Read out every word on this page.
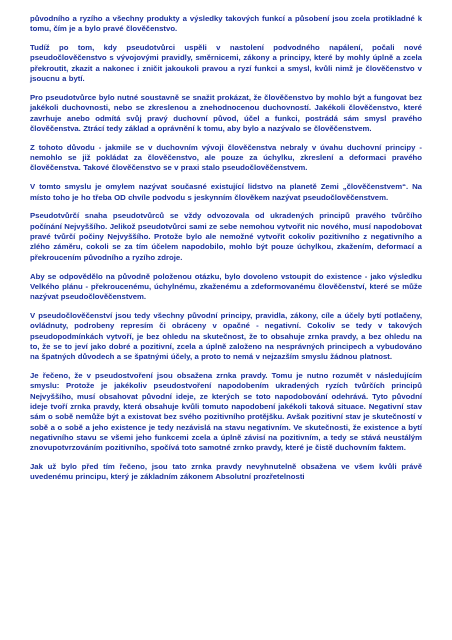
původního a ryzího a všechny produkty a výsledky takových funkcí a působení jsou zcela protikladné k tomu, čím je a bylo pravé člověčenstvo.

Tudíž po tom, kdy pseudotvůrci uspěli v nastolení podvodného napálení, počali nové pseudočlověčenstvo s vývojovými pravidly, směrnicemi, zákony a principy, které by mohly úplně a zcela překroutit, zkazit a nakonec i zničit jakoukoli pravou a ryzí funkci a smysl, kvůli nimž je člověčenstvo v jsoucnu a bytí.

Pro pseudotvůrce bylo nutné soustavně se snažit prokázat, že člověčenstvo by mohlo být a fungovat bez jakékoli duchovnosti, nebo se zkreslenou a znehodnocenou duchovností. Jakékoli člověčenstvo, které zavrhuje anebo odmítá svůj pravý duchovní původ, účel a funkci, postrádá sám smysl pravého člověčenstva. Ztrácí tedy základ a oprávnění k tomu, aby bylo a nazývalo se člověčenstvem.

Z tohoto důvodu - jakmile se v duchovním vývoji člověčenstva nebraly v úvahu duchovní principy - nemohlo se již pokládat za člověčenstvo, ale pouze za úchylku, zkreslení a deformaci pravého člověčenstva. Takové člověčenstvo se v praxi stalo pseudočlověčenstvem.

V tomto smyslu je omylem nazývat současné existující lidstvo na planetě Zemi „člověčenstvem“. Na místo toho je ho třeba OD chvíle podvodu s jeskynním člověkem nazývat pseudočlověčenstvem.

Pseudotvůrčí snaha pseudotvůrců se vždy odvozovala od ukradených principů pravého tvůrčího počínání Nejvyššího. Jelikož pseudotvůrci sami ze sebe nemohou vytvořit nic nového, musí napodobovat pravé tvůrčí počiny Nejvyššího. Protože bylo ale nemožné vytvořit cokoliv pozitivního z negativního a zlého záměru, cokoli se za tím účelem napodobilo, mohlo být pouze úchylkou, zkažením, deformací a překroucením původního a ryzího zdroje.

Aby se odpovědělo na původně položenou otázku, bylo dovoleno vstoupit do existence - jako výsledku Velkého plánu - překroucenému, úchylnému, zkaženému a zdeformovanému člověčenství, které se může nazývat pseudočlověčenstvem.

V pseudočlověčenství jsou tedy všechny původní principy, pravidla, zákony, cíle a účely bytí potlačeny, ovládnuty, podrobeny represím či obráceny v opačné - negativní. Cokoliv se tedy v takových pseudopodmínkách vytvoří, je bez ohledu na skutečnost, že to obsahuje zrnka pravdy, a bez ohledu na to, že se to jeví jako dobré a pozitivní, zcela a úplně založeno na nesprávných principech a vybudováno na špatných důvodech a se špatnými účely, a proto to nemá v nejzazším smyslu žádnou platnost.

Je řečeno, že v pseudostvoření jsou obsažena zrnka pravdy. Tomu je nutno rozumět v následujícím smyslu: Protože je jakékoliv pseudostvoření napodobením ukradených ryzích tvůrčích principů Nejvyššího, musí obsahovat původní ideje, ze kterých se toto napodobování odehrává. Tyto původní ideje tvoří zrnka pravdy, která obsahuje kvůli tomuto napodobení jakékoli taková situace. Negativní stav sám o sobě nemůže být a existovat bez svého pozitivního protějšku. Avšak pozitivní stav je skutečností v sobě a o sobě a jeho existence je tedy nezávislá na stavu negativním. Ve skutečnosti, že existence a bytí negativního stavu se všemi jeho funkcemi zcela a úplně závisí na pozitivním, a tedy se stává neustálým znovupotvrzováním pozitivního, spočívá toto samotné zrnko pravdy, které je čistě duchovním faktem.

Jak už bylo před tím řečeno, jsou tato zrnka pravdy nevyhnutelně obsažena ve všem kvůli právě uvedenému principu, který je základním zákonem Absolutní prozřetelnosti
